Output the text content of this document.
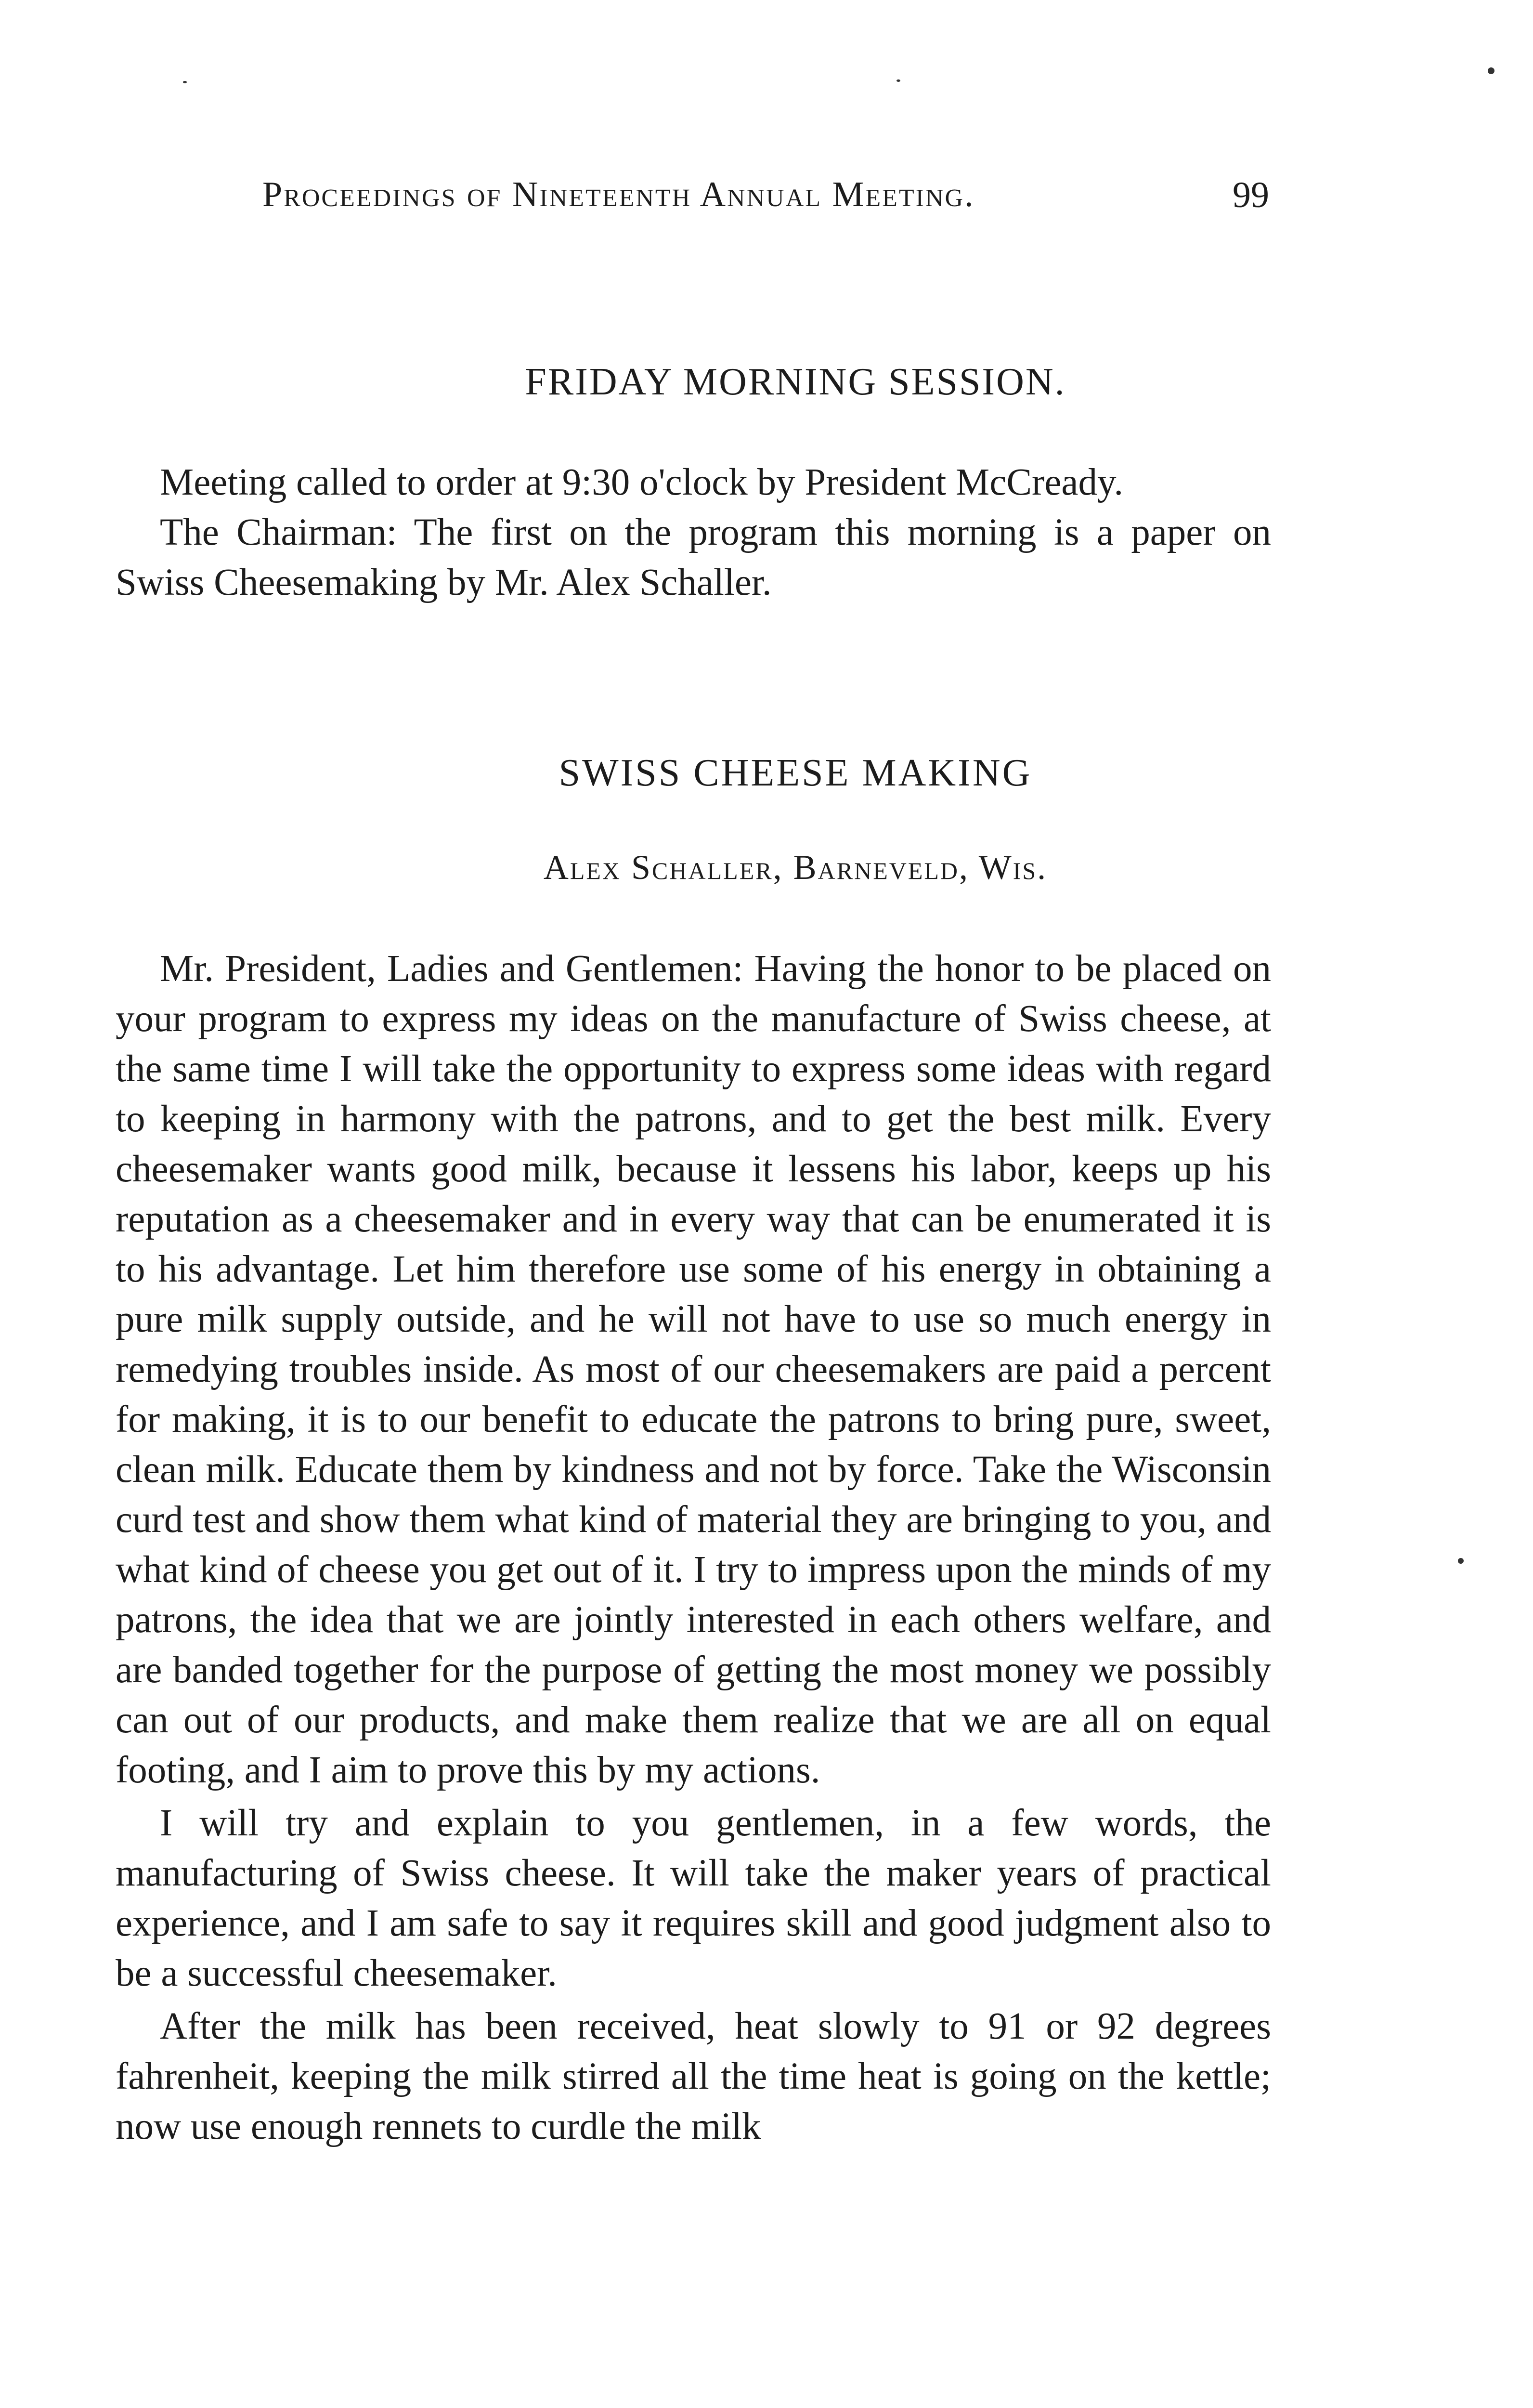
Proceedings of Nineteenth Annual Meeting.	99
FRIDAY MORNING SESSION.

Meeting called to order at 9:30 o'clock by President McCready.

The Chairman: The first on the program this morning is a paper on Swiss Cheesemaking by Mr. Alex Schaller.

SWISS CHEESE MAKING
Alex Schaller, Barneveld, Wis.

Mr. President, Ladies and Gentlemen: Having the honor to be placed on your program to express my ideas on the manufacture of Swiss cheese, at the same time I will take the opportunity to express some ideas with regard to keeping in harmony with the patrons, and to get the best milk. Every cheesemaker wants good milk, because it lessens his labor, keeps up his reputation as a cheesemaker and in every way that can be enumerated it is to his advantage. Let him therefore use some of his energy in obtaining a pure milk supply outside, and he will not have to use so much energy in remedying troubles inside. As most of our cheesemakers are paid a percent for making, it is to our benefit to educate the patrons to bring pure, sweet, clean milk. Educate them by kindness and not by force. Take the Wisconsin curd test and show them what kind of material they are bringing to you, and what kind of cheese you get out of it. I try to impress upon the minds of my patrons, the idea that we are jointly interested in each others welfare, and are banded together for the purpose of getting the most money we possibly can out of our products, and make them realize that we are all on equal footing, and I aim to prove this by my actions.

I will try and explain to you gentlemen, in a few words, the manufacturing of Swiss cheese. It will take the maker years of practical experience, and I am safe to say it requires skill and good judgment also to be a successful cheesemaker.

After the milk has been received, heat slowly to 91 or 92 degrees fahrenheit, keeping the milk stirred all the time heat is going on the kettle; now use enough rennets to curdle the milk
